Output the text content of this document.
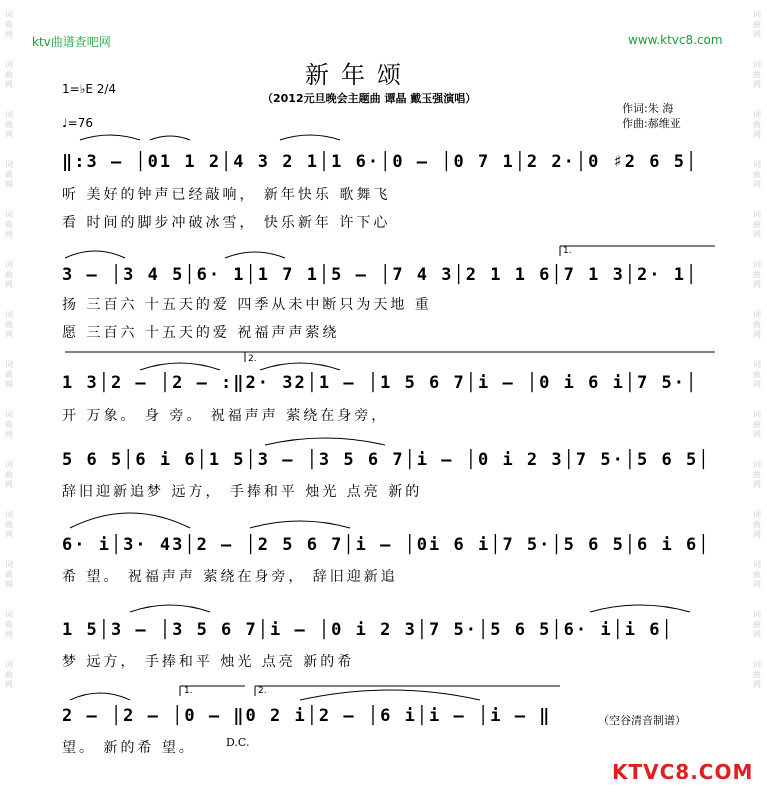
词曲网
词曲网
词曲网
词曲网
词曲网
词曲网
词曲网
词曲网
词曲网
词曲网
词曲网
词曲网
词曲网
词曲网
词曲网
词曲网
词曲网
词曲网
词曲网
词曲网
词曲网
词曲网
词曲网
词曲网
词曲网
词曲网
词曲网
词曲网
ktv曲谱查吧网	www.ktvc8.com
新年颂
（2012元旦晚会主题曲 谭晶 戴玉强演唱）
1=♭E 2/4
♩=76
作词:朱 海
作曲:郝维亚
1.	2.
1.
2.
‖:3 – │01 1 2│4 3 2 1│1 6·│0 – │0 7 1│2 2·│0 ♯2 6 5│
听 美好的钟声已经敲响， 新年快乐 歌舞飞
看 时间的脚步冲破冰雪， 快乐新年 许下心
3 – │3 4 5│6· 1│1 7 1│5 – │7 4 3│2 1 1 6│7 1 3│2· 1│
扬 三百六 十五天的爱 四季从未中断只为天地 重
愿 三百六 十五天的爱 祝福声声萦绕
1 3│2 – │2 – :‖2· 32│1 – │1 5 6 7│i – │0 i 6 i│7 5·│
开 万象。 身 旁。 祝福声声 萦绕在身旁，
5 6 5│6 i 6│1 5│3 – │3 5 6 7│i – │0 i 2 3│7 5·│5 6 5│
辞旧迎新追梦 远方， 手捧和平 烛光 点亮 新的
6· i│3· 43│2 – │2 5 6 7│i – │0i 6 i│7 5·│5 6 5│6 i 6│
希 望。 祝福声声 萦绕在身旁， 辞旧迎新追
1 5│3 – │3 5 6 7│i – │0 i 2 3│7 5·│5 6 5│6· i│i 6│
梦 远方， 手捧和平 烛光 点亮 新的希
2 – │2 – │0 – ‖0 2 i│2 – │6 i│i – │i – ‖
望。 新的希 望。	D.C.
（空谷清音制谱）
KTVC8.COM
